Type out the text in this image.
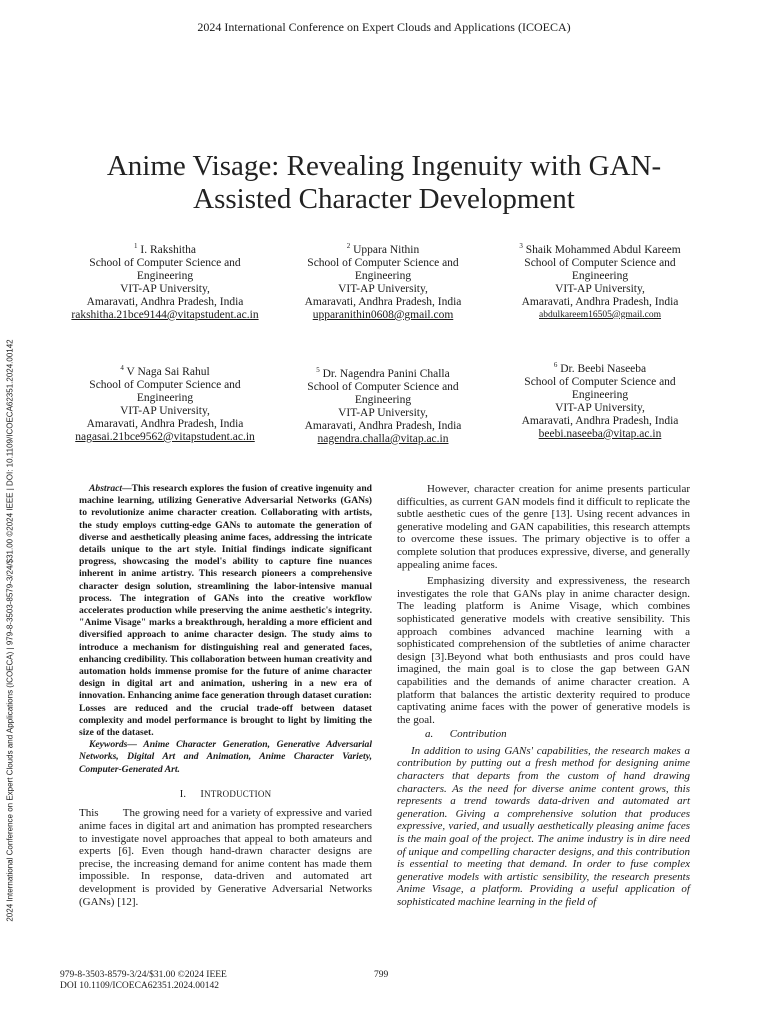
2024 International Conference on Expert Clouds and Applications (ICOECA)
Anime Visage: Revealing Ingenuity with GAN-
Assisted Character Development
$^1$ I. Rakshitha
School of Computer Science and Engineering
VIT-AP University,
Amaravati, Andhra Pradesh, India
rakshitha.21bce9144@vitapstudent.ac.in
$^2$ Uppara Nithin
School of Computer Science and Engineering
VIT-AP University,
Amaravati, Andhra Pradesh, India
upparanithin0608@gmail.com
$^3$ Shaik Mohammed Abdul Kareem
School of Computer Science and Engineering
VIT-AP University,
Amaravati, Andhra Pradesh, India
abdulkareem16505@gmail.com
$^4$ V Naga Sai Rahul
School of Computer Science and Engineering
VIT-AP University,
Amaravati, Andhra Pradesh, India
nagasai.21bce9562@vitapstudent.ac.in
$^5$ Dr. Nagendra Panini Challa
School of Computer Science and Engineering
VIT-AP University,
Amaravati, Andhra Pradesh, India
nagendra.challa@vitap.ac.in
$^6$ Dr. Beebi Naseeba
School of Computer Science and Engineering
VIT-AP University,
Amaravati, Andhra Pradesh, India
beebi.naseeba@vitap.ac.in
2024 International Conference on Expert Clouds and Applications (ICOECA) | 979-8-3503-8579-3/24/$31.00 ©2024 IEEE | DOI: 10.1109/ICOECA62351.2024.00142	Abstract—This research explores the fusion of creative ingenuity and machine learning, utilizing Generative Adversarial Networks (GANs) to revolutionize anime character creation. Collaborating with artists, the study employs cutting-edge GANs to automate the generation of diverse and aesthetically pleasing anime faces, addressing the intricate details unique to the art style. Initial findings indicate significant progress, showcasing the model's ability to capture fine nuances inherent in anime artistry. This research pioneers a comprehensive character design solution, streamlining the labor-intensive manual process. The integration of GANs into the creative workflow accelerates production while preserving the anime aesthetic's integrity. "Anime Visage" marks a breakthrough, heralding a more efficient and diversified approach to anime character design. The study aims to introduce a mechanism for distinguishing real and generated faces, enhancing credibility. This collaboration between human creativity and automation holds immense promise for the future of anime character design in digital art and animation, ushering in a new era of innovation. Enhancing anime face generation through dataset curation: Losses are reduced and the crucial trade-off between dataset complexity and model performance is brought to light by limiting the size of the dataset.

Keywords— Anime Character Generation, Generative Adversarial Networks, Digital Art and Animation, Anime Character Variety, Computer-Generated Art.

I. INTRODUCTION

This        The growing need for a variety of expressive and varied anime faces in digital art and animation has prompted researchers to investigate novel approaches that appeal to both amateurs and experts [6]. Even though hand-drawn character designs are precise, the increasing demand for anime content has made them impossible. In response, data-driven and automated art development is provided by Generative Adversarial Networks (GANs) [12].

However, character creation for anime presents particular difficulties, as current GAN models find it difficult to replicate the subtle aesthetic cues of the genre [13]. Using recent advances in generative modeling and GAN capabilities, this research attempts to overcome these issues. The primary objective is to offer a complete solution that produces expressive, diverse, and generally appealing anime faces.

Emphasizing diversity and expressiveness, the research investigates the role that GANs play in anime character design. The leading platform is Anime Visage, which combines sophisticated generative models with creative sensibility. This approach combines advanced machine learning with a sophisticated comprehension of the subtleties of anime character design [3].Beyond what both enthusiasts and pros could have imagined, the main goal is to close the gap between GAN capabilities and the demands of anime character creation. A platform that balances the artistic dexterity required to produce captivating anime faces with the power of generative models is the goal.

a.      Contribution

In addition to using GANs' capabilities, the research makes a contribution by putting out a fresh method for designing anime characters that departs from the custom of hand drawing characters. As the need for diverse anime content grows, this represents a trend towards data-driven and automated art generation. Giving a comprehensive solution that produces expressive, varied, and usually aesthetically pleasing anime faces is the main goal of the project. The anime industry is in dire need of unique and compelling character designs, and this contribution is essential to meeting that demand. In order to fuse complex generative models with artistic sensibility, the research presents Anime Visage, a platform. Providing a useful application of sophisticated machine learning in the field of

979-8-3503-8579-3/24/$31.00 ©2024 IEEE
DOI 10.1109/ICOECA62351.2024.00142
799
